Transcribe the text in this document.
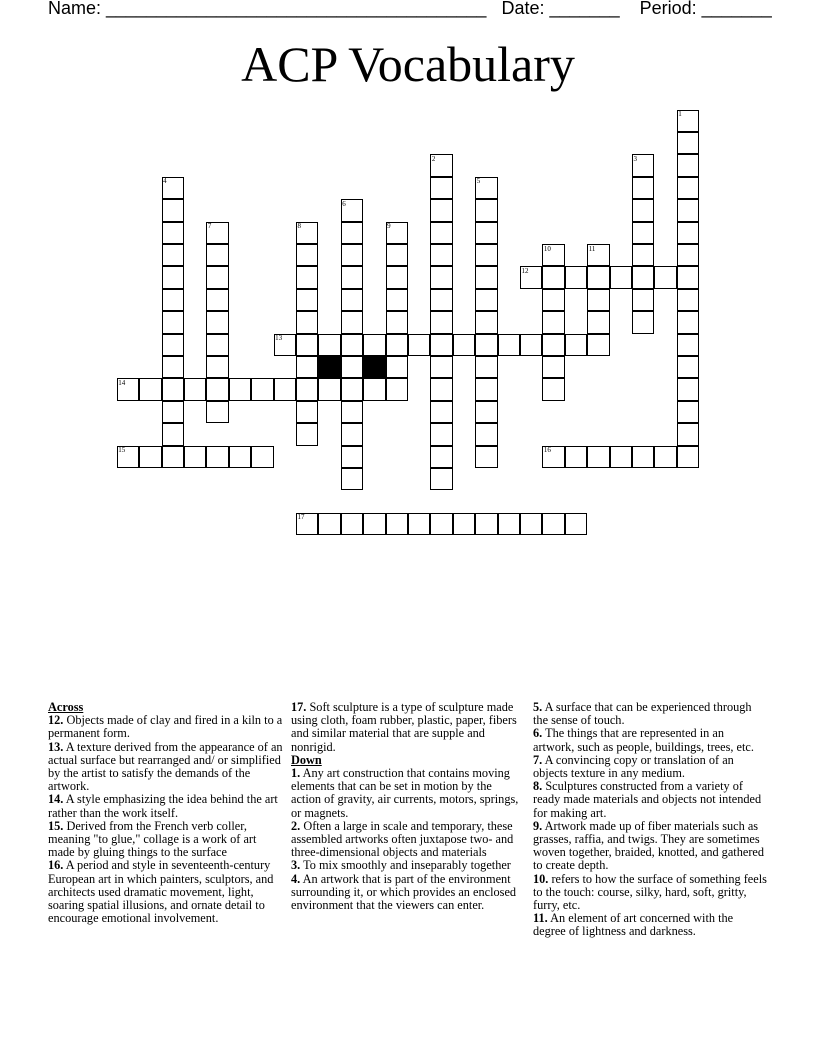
Name: ______________________________________ Date: _______ Period: _______
ACP Vocabulary
1
2	3
4	5
6
7	8	9
10	11
12
13
14
15	16
17
Across

12. Objects made of clay and fired in a kiln to a permanent form.

13. A texture derived from the appearance of an actual surface but rearranged and/ or simplified by the artist to satisfy the demands of the artwork.

14. A style emphasizing the idea behind the art rather than the work itself.

15. Derived from the French verb coller, meaning "to glue," collage is a work of art made by gluing things to the surface

16. A period and style in seventeenth-century European art in which painters, sculptors, and architects used dramatic movement, light, soaring spatial illusions, and ornate detail to encourage emotional involvement.

17. Soft sculpture is a type of sculpture made using cloth, foam rubber, plastic, paper, fibers and similar material that are supple and nonrigid.

Down

1. Any art construction that contains moving elements that can be set in motion by the action of gravity, air currents, motors, springs, or magnets.

2. Often a large in scale and temporary, these assembled artworks often juxtapose two- and three-dimensional objects and materials

3. To mix smoothly and inseparably together

4. An artwork that is part of the environment surrounding it, or which provides an enclosed environment that the viewers can enter.

5. A surface that can be experienced through the sense of touch.

6. The things that are represented in an artwork, such as people, buildings, trees, etc.

7. A convincing copy or translation of an objects texture in any medium.

8. Sculptures constructed from a variety of ready made materials and objects not intended for making art.

9. Artwork made up of fiber materials such as grasses, raffia, and twigs. They are sometimes woven together, braided, knotted, and gathered to create depth.

10. refers to how the surface of something feels to the touch: course, silky, hard, soft, gritty, furry, etc.

11. An element of art concerned with the degree of lightness and darkness.
